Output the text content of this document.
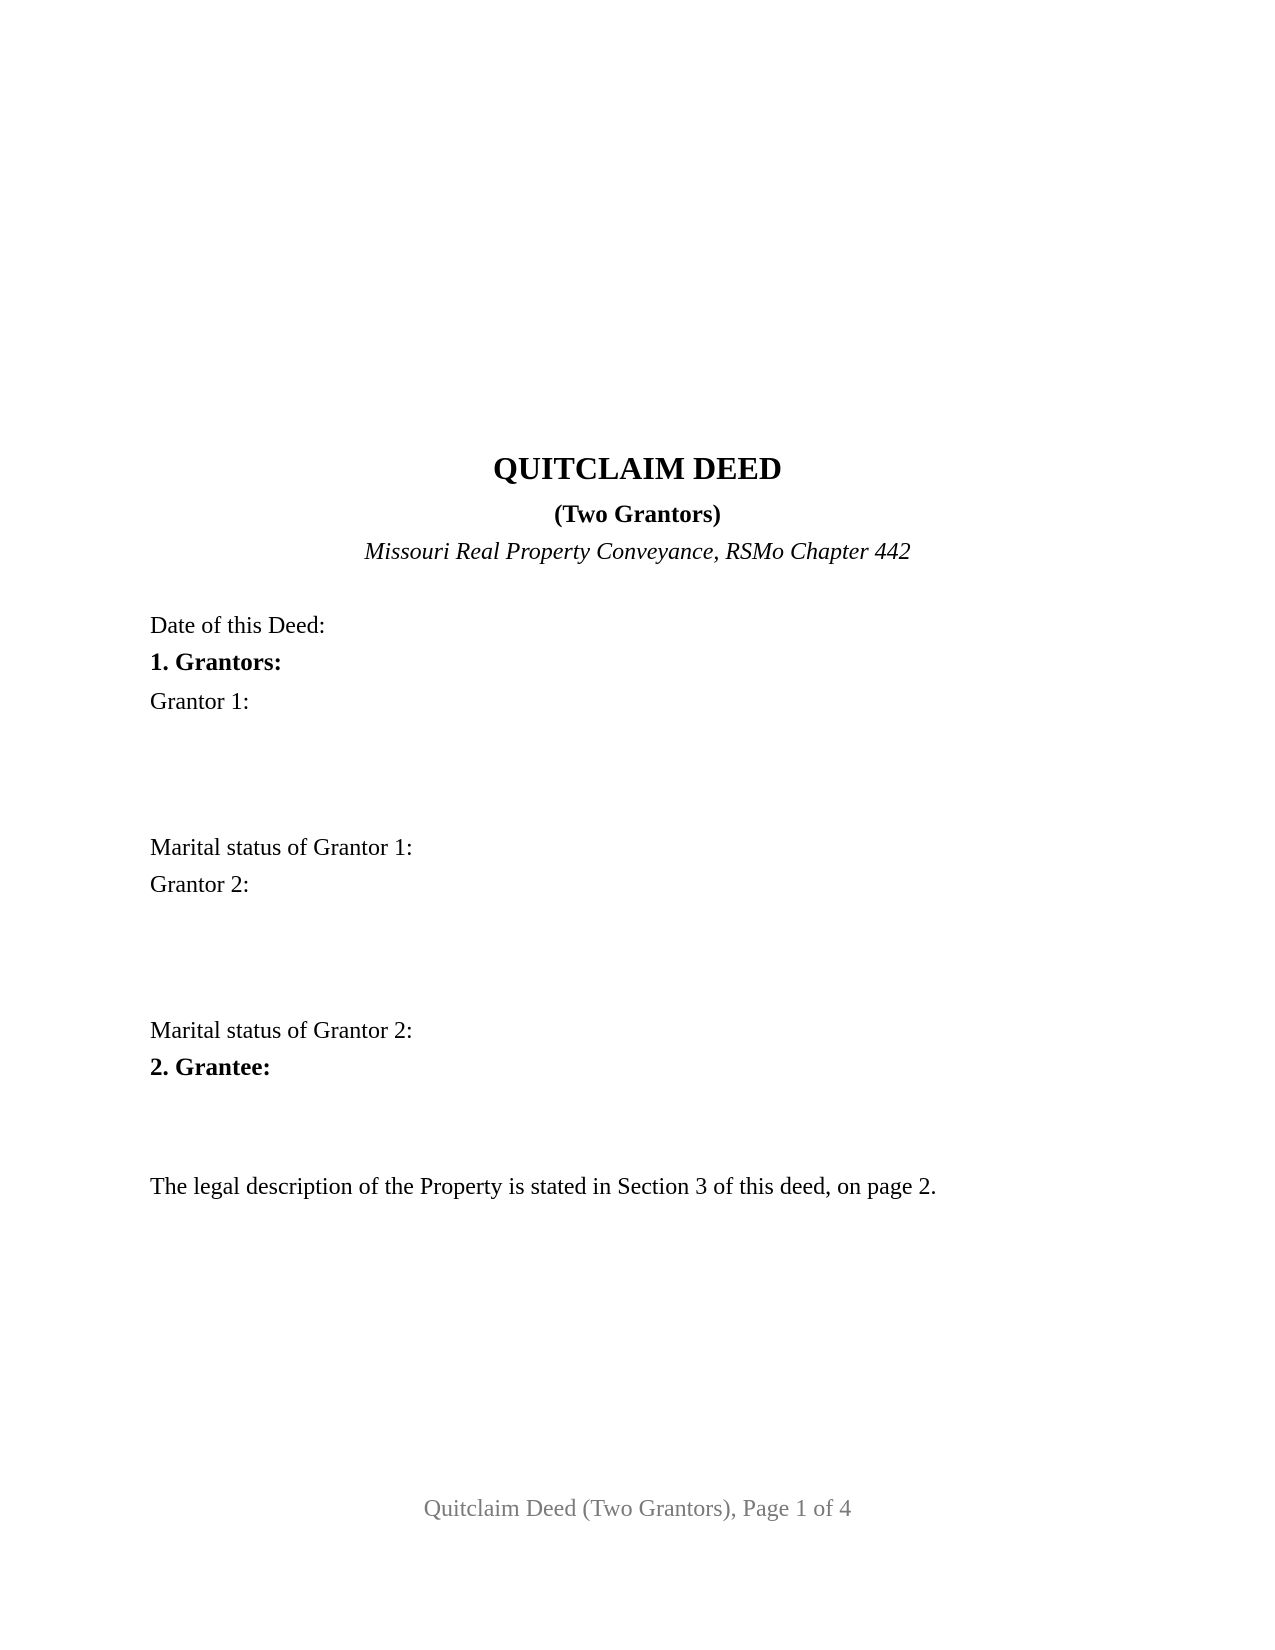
QUITCLAIM DEED
(Two Grantors)
Missouri Real Property Conveyance, RSMo Chapter 442
Date of this Deed:
1. Grantors:
Grantor 1:
Marital status of Grantor 1:
Grantor 2:
Marital status of Grantor 2:
2. Grantee:
The legal description of the Property is stated in Section 3 of this deed, on page 2.
Quitclaim Deed (Two Grantors), Page 1 of 4
